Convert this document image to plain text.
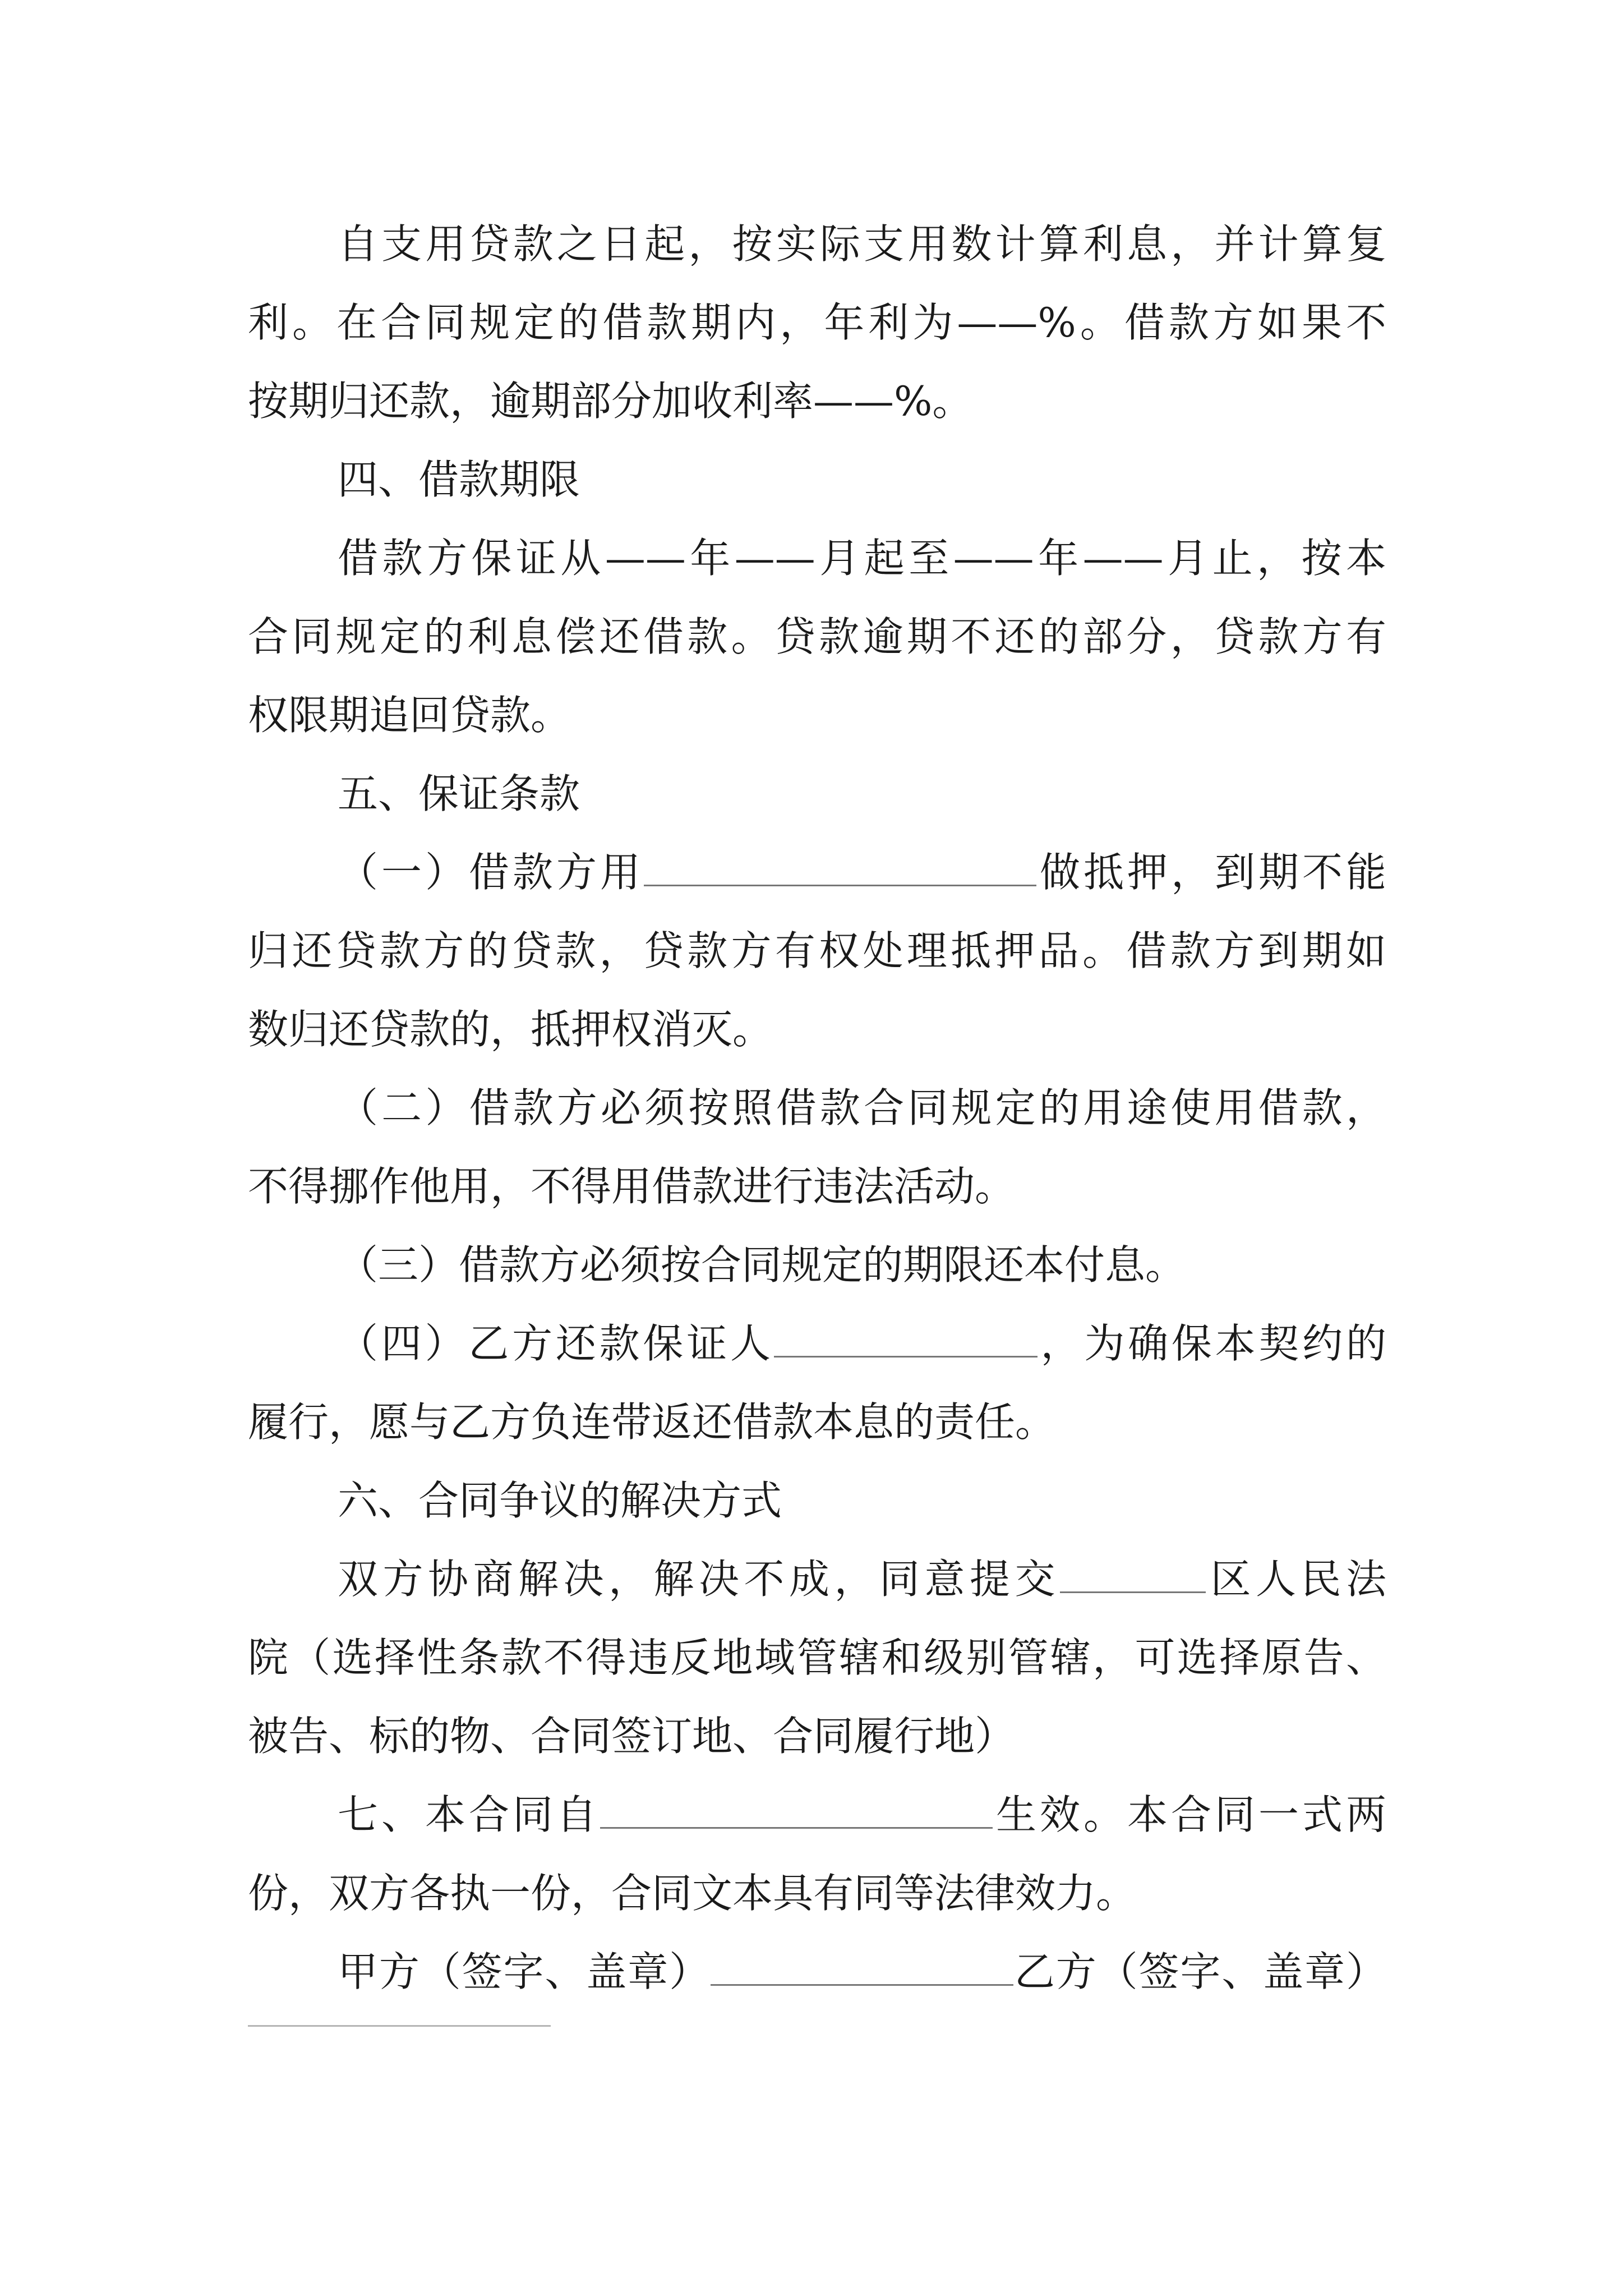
自支用贷款之日起，按实际支用数计算利息，并计算复
利。在合同规定的借款期内，年利为——%。借款方如果不
按期归还款，逾期部分加收利率——%。
四、借款期限
借款方保证从——年——月起至——年——月止，按本
合同规定的利息偿还借款。贷款逾期不还的部分，贷款方有
权限期追回贷款。
五、保证条款
（一）借款方用	做抵押，到期不能
归还贷款方的贷款，贷款方有权处理抵押品。借款方到期如
数归还贷款的，抵押权消灭。
（二）借款方必须按照借款合同规定的用途使用借款，
不得挪作他用，不得用借款进行违法活动。
（三）借款方必须按合同规定的期限还本付息。
（四）乙方还款保证人	，为确保本契约的
履行，愿与乙方负连带返还借款本息的责任。
六、合同争议的解决方式
双方协商解决，解决不成，同意提交	区人民法
院（选择性条款不得违反地域管辖和级别管辖，可选择原告、
被告、标的物、合同签订地、合同履行地）
七、本合同自	生效。本合同一式两
份，双方各执一份，合同文本具有同等法律效力。
甲方（签字、盖章）	乙方（签字、盖章）
